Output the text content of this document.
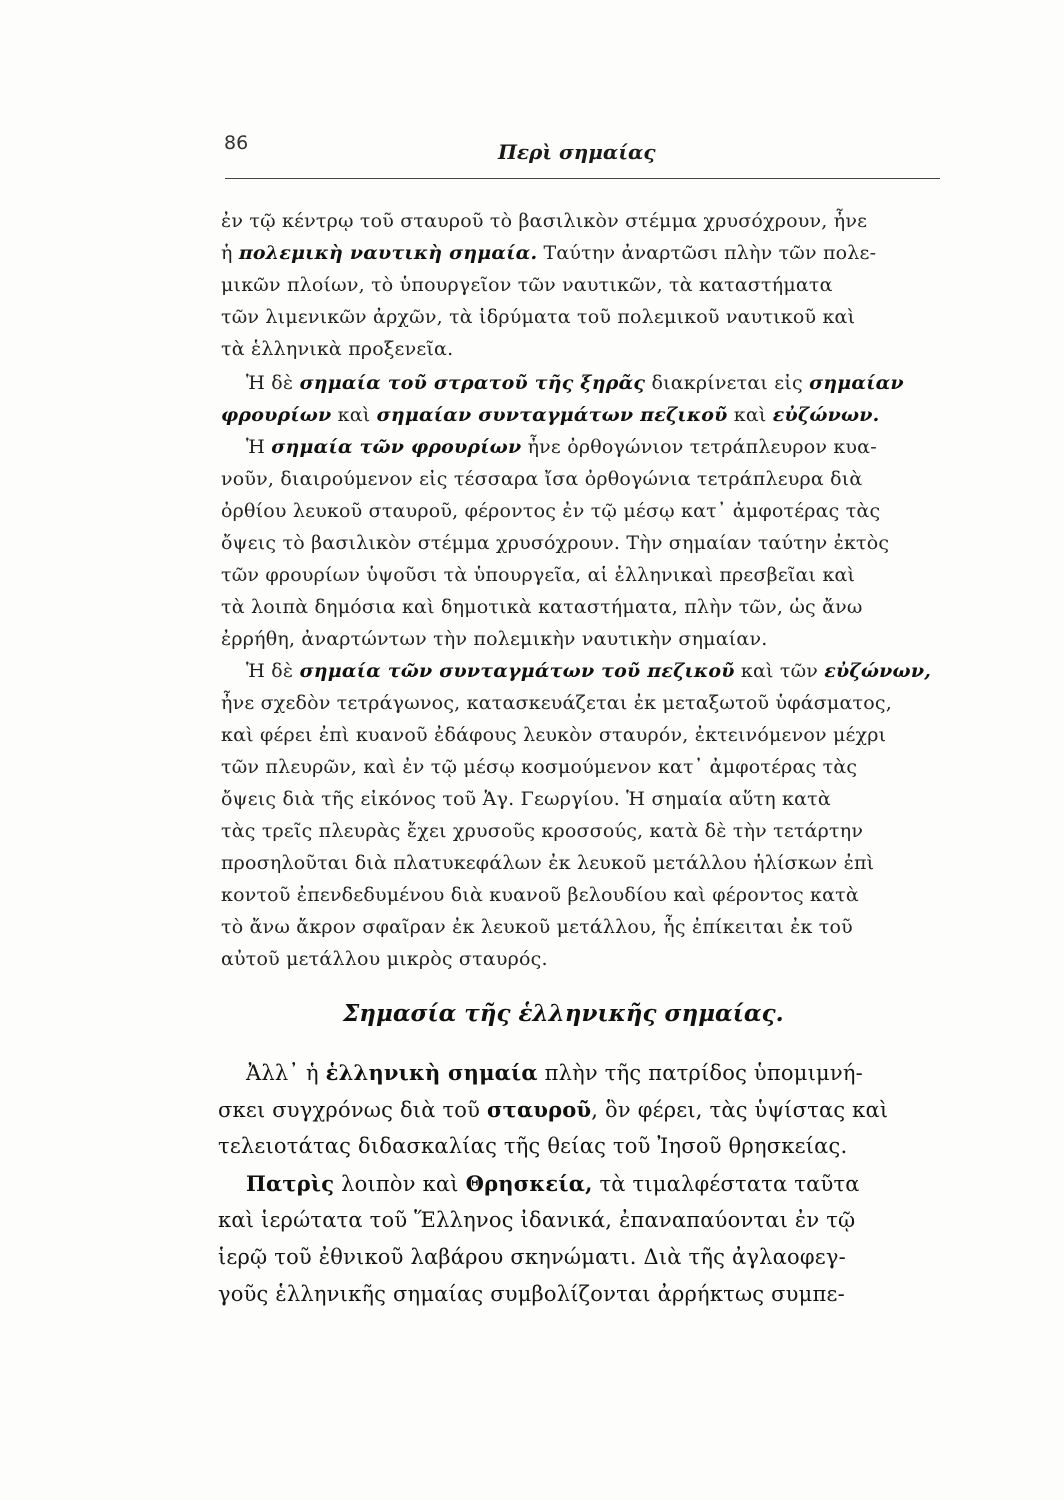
86	Περὶ σημαίας
ἐν τῷ κέντρῳ τοῦ σταυροῦ τὸ βασιλικὸν στέμμα χρυσόχρουν, ἦνε
ἡ πολεμικὴ ναυτικὴ σημαία. Ταύτην ἀναρτῶσι πλὴν τῶν πολε-
μικῶν πλοίων, τὸ ὑπουργεῖον τῶν ναυτικῶν, τὰ καταστήματα
τῶν λιμενικῶν ἀρχῶν, τὰ ἱδρύματα τοῦ πολεμικοῦ ναυτικοῦ καὶ
τὰ ἑλληνικὰ προξενεῖα.
Ἡ δὲ σημαία τοῦ στρατοῦ τῆς ξηρᾶς διακρίνεται εἰς σημαίαν
φρουρίων καὶ σημαίαν συνταγμάτων πεζικοῦ καὶ εὐζώνων.
Ἡ σημαία τῶν φρουρίων ἦνε ὀρθογώνιον τετράπλευρον κυα-
νοῦν, διαιρούμενον εἰς τέσσαρα ἴσα ὀρθογώνια τετράπλευρα διὰ
ὀρθίου λευκοῦ σταυροῦ, φέροντος ἐν τῷ μέσῳ κατ᾽ ἀμφοτέρας τὰς
ὄψεις τὸ βασιλικὸν στέμμα χρυσόχρουν. Τὴν σημαίαν ταύτην ἐκτὸς
τῶν φρουρίων ὑψοῦσι τὰ ὑπουργεῖα, αἱ ἑλληνικαὶ πρεσβεῖαι καὶ
τὰ λοιπὰ δημόσια καὶ δημοτικὰ καταστήματα, πλὴν τῶν, ὡς ἄνω
ἐρρήθη, ἀναρτώντων τὴν πολεμικὴν ναυτικὴν σημαίαν.
Ἡ δὲ σημαία τῶν συνταγμάτων τοῦ πεζικοῦ καὶ τῶν εὐζώνων,
ἦνε σχεδὸν τετράγωνος, κατασκευάζεται ἐκ μεταξωτοῦ ὑφάσματος,
καὶ φέρει ἐπὶ κυανοῦ ἐδάφους λευκὸν σταυρόν, ἐκτεινόμενον μέχρι
τῶν πλευρῶν, καὶ ἐν τῷ μέσῳ κοσμούμενον κατ᾽ ἀμφοτέρας τὰς
ὄψεις διὰ τῆς εἰκόνος τοῦ Ἁγ. Γεωργίου. Ἡ σημαία αὕτη κατὰ
τὰς τρεῖς πλευρὰς ἔχει χρυσοῦς κροσσούς, κατὰ δὲ τὴν τετάρτην
προσηλοῦται διὰ πλατυκεφάλων ἐκ λευκοῦ μετάλλου ἡλίσκων ἐπὶ
κοντοῦ ἐπενδεδυμένου διὰ κυανοῦ βελουδίου καὶ φέροντος κατὰ
τὸ ἄνω ἄκρον σφαῖραν ἐκ λευκοῦ μετάλλου, ἧς ἐπίκειται ἐκ τοῦ
αὐτοῦ μετάλλου μικρὸς σταυρός.
Σημασία τῆς ἑλληνικῆς σημαίας.
Ἀλλ᾽ ἡ ἑλληνικὴ σημαία πλὴν τῆς πατρίδος ὑπομιμνή-
σκει συγχρόνως διὰ τοῦ σταυροῦ, ὃν φέρει, τὰς ὑψίστας καὶ
τελειοτάτας διδασκαλίας τῆς θείας τοῦ Ἰησοῦ θρησκείας.
Πατρὶς λοιπὸν καὶ Θρησκεία, τὰ τιμαλφέστατα ταῦτα
καὶ ἱερώτατα τοῦ Ἕλληνος ἰδανικά, ἐπαναπαύονται ἐν τῷ
ἱερῷ τοῦ ἐθνικοῦ λαβάρου σκηνώματι. Διὰ τῆς ἀγλαοφεγ-
γοῦς ἑλληνικῆς σημαίας συμβολίζονται ἀρρήκτως συμπε-
